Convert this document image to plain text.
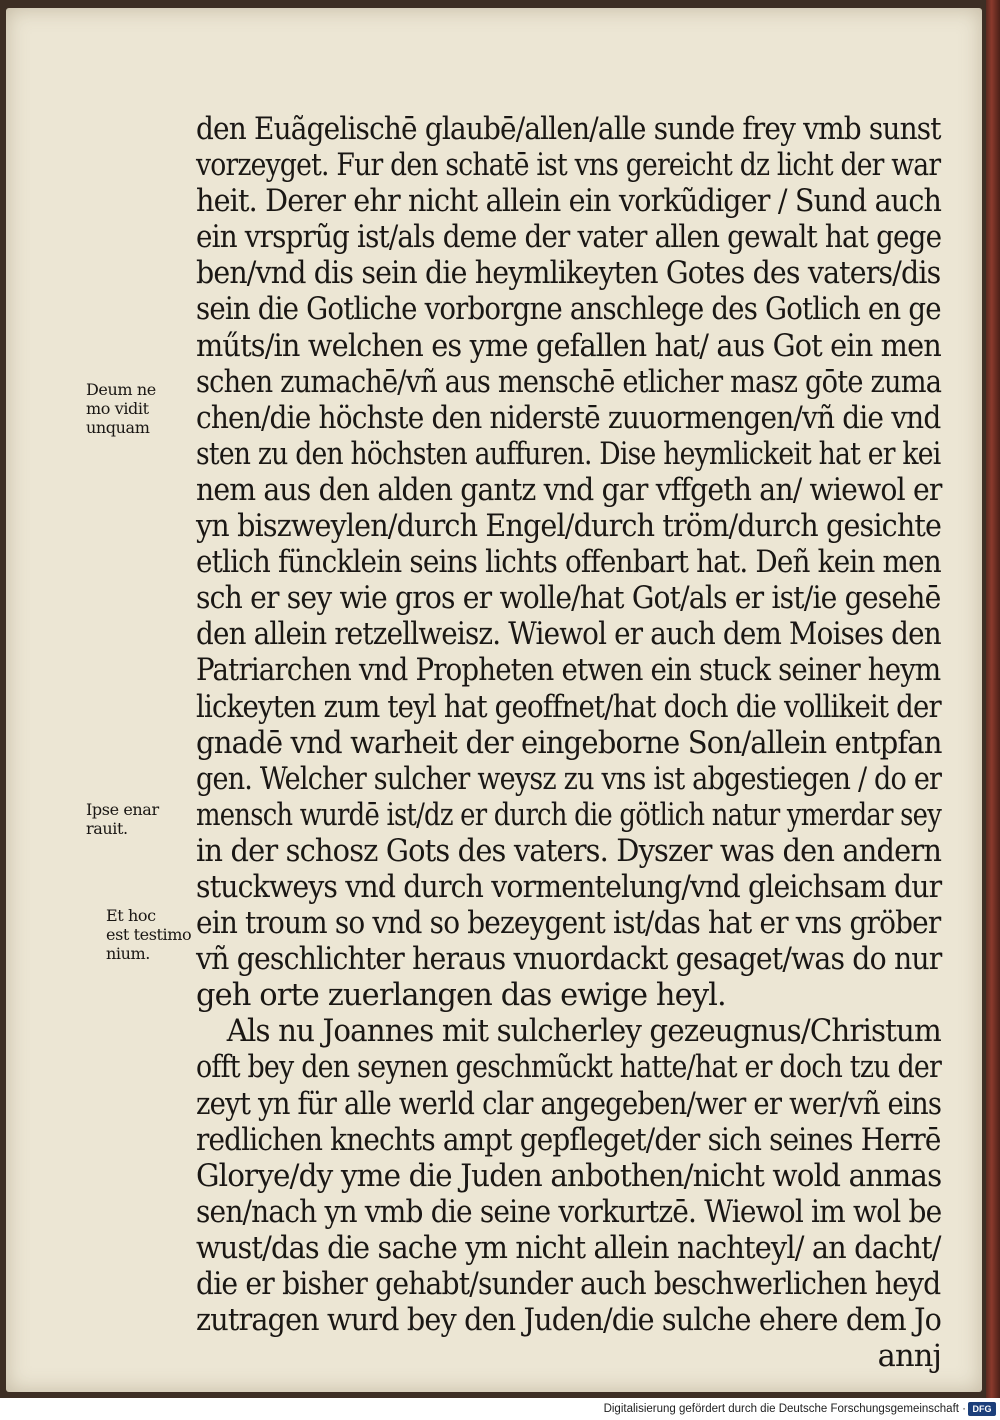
den Euãgelischē glaubē/allen/alle sunde frey vmb sunst
vorzeyget. Fur den schatē ist vns gereicht dz licht der war
heit. Derer ehr nicht allein ein vorkũdiger / Sund auch
ein vrsprũg ist/als deme der vater allen gewalt hat gege
ben/vnd dis sein die heymlikeyten Gotes des vaters/dis
sein die Gotliche vorborgne anschlege des Gotlich en ge
műts/in welchen es yme gefallen hat/ aus Got ein men
schen zumachē/vñ aus menschē etlicher masz gōte zuma
chen/die höchste den niderstē zuuormengen/vñ die vnd
sten zu den höchsten auffuren. Dise heymlickeit hat er kei
nem aus den alden gantz vnd gar vffgeth an/ wiewol er
yn biszweylen/durch Engel/durch tröm/durch gesichte
etlich füncklein seins lichts offenbart hat. Deñ kein men
sch er sey wie gros er wolle/hat Got/als er ist/ie gesehē
den allein retzellweisz. Wiewol er auch dem Moises den
Patriarchen vnd Propheten etwen ein stuck seiner heym
lickeyten zum teyl hat geoffnet/hat doch die vollikeit der
gnadē vnd warheit der eingeborne Son/allein entpfan
gen. Welcher sulcher weysz zu vns ist abgestiegen / do er
mensch wurdē ist/dz er durch die götlich natur ymerdar sey
in der schosz Gots des vaters. Dyszer was den andern
stuckweys vnd durch vormentelung/vnd gleichsam dur
ein troum so vnd so bezeygent ist/das hat er vns gröber
vñ geschlichter heraus vnuordackt gesaget/was do nur
geh orte zuerlangen das ewige heyl.
Als nu Joannes mit sulcherley gezeugnus/Christum
offt bey den seynen geschmũckt hatte/hat er doch tzu der
zeyt yn für alle werld clar angegeben/wer er wer/vñ eins
redlichen knechts ampt gepfleget/der sich seines Herrē
Glorye/dy yme die Juden anbothen/nicht wold anmas
sen/nach yn vmb die seine vorkurtzē. Wiewol im wol be
wust/das die sache ym nicht allein nachteyl/ an dacht/
die er bisher gehabt/sunder auch beschwerlichen heyd
zutragen wurd bey den Juden/die sulche ehere dem Jo
annj
Deum ne
mo vidit
unquam
Ipse enar
rauit.
Et hoc
est testimo
nium.
Digitalisierung gefördert durch die Deutsche Forschungsgemeinschaft · DFG
